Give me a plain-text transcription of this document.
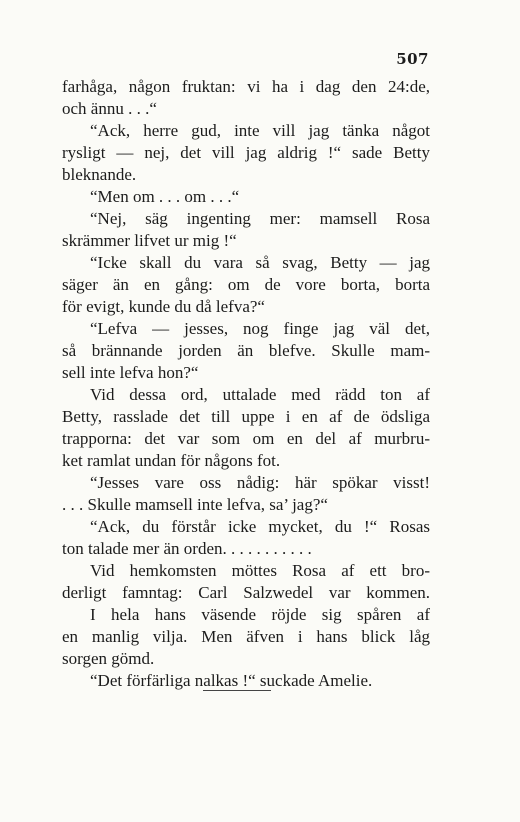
507
farhåga, någon fruktan: vi ha i dag den 24:de,
och ännu . . .“
“Ack, herre gud, inte vill jag tänka något
rysligt — nej, det vill jag aldrig !“ sade Betty
bleknande.
“Men om . . . om . . .“
“Nej, säg ingenting mer: mamsell Rosa
skrämmer lifvet ur mig !“
“Icke skall du vara så svag, Betty — jag
säger än en gång: om de vore borta, borta
för evigt, kunde du då lefva?“
“Lefva — jesses, nog finge jag väl det,
så brännande jorden än blefve. Skulle mam-
sell inte lefva hon?“
Vid dessa ord, uttalade med rädd ton af
Betty, rasslade det till uppe i en af de ödsliga
trapporna: det var som om en del af murbru-
ket ramlat undan för någons fot.
“Jesses vare oss nådig: här spökar visst!
. . . Skulle mamsell inte lefva, sa’ jag?“
“Ack, du förstår icke mycket, du !“ Rosas
ton talade mer än orden. . . . . . . . . . .
Vid hemkomsten möttes Rosa af ett bro-
derligt famntag: Carl Salzwedel var kommen.
I hela hans väsende röjde sig spåren af
en manlig vilja. Men äfven i hans blick låg
sorgen gömd.
“Det förfärliga nalkas !“ suckade Amelie.
